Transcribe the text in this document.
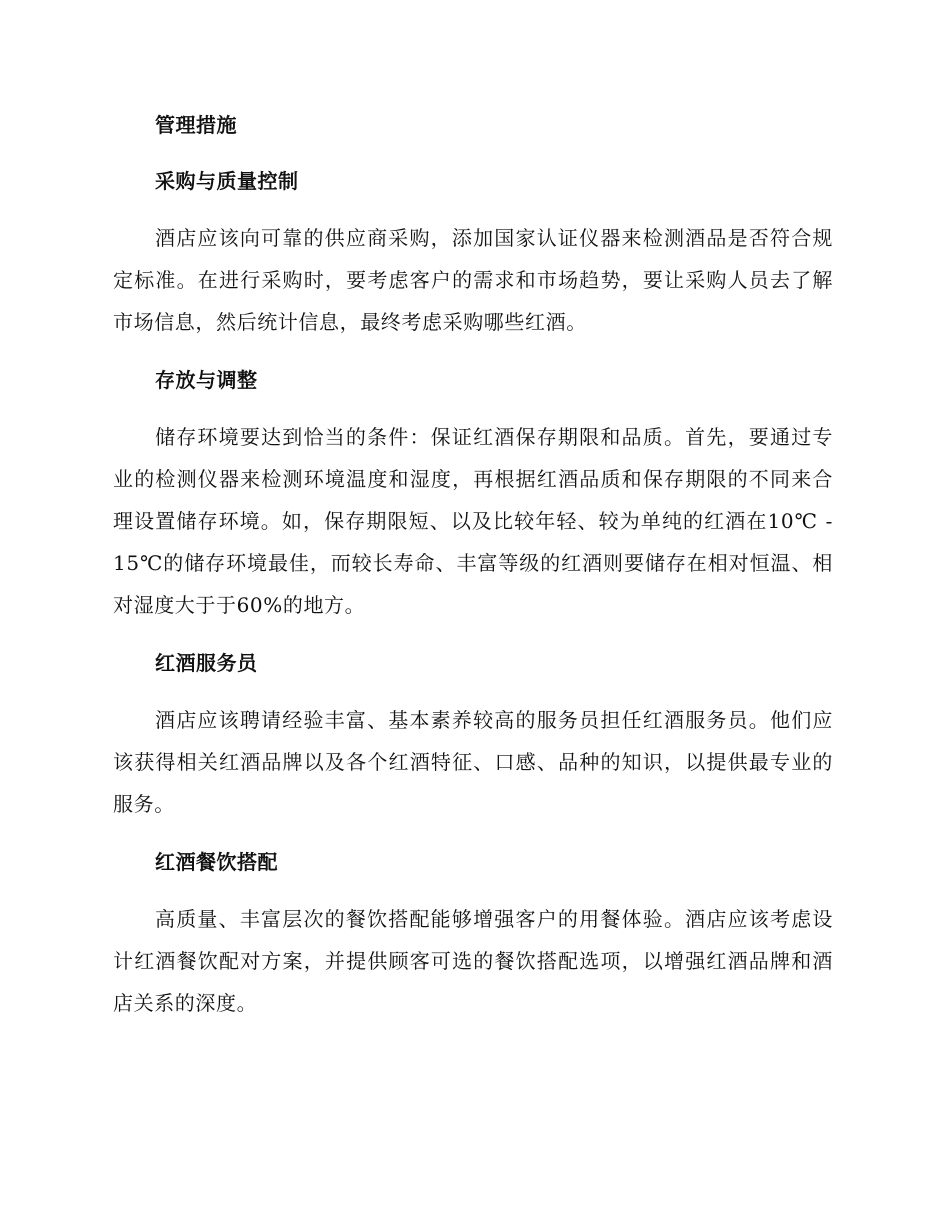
管理措施
采购与质量控制

酒店应该向可靠的供应商采购，添加国家认证仪器来检测酒品是否符合规定标准。在进行采购时，要考虑客户的需求和市场趋势，要让采购人员去了解市场信息，然后统计信息，最终考虑采购哪些红酒。

存放与调整

储存环境要达到恰当的条件：保证红酒保存期限和品质。首先，要通过专业的检测仪器来检测环境温度和湿度，再根据红酒品质和保存期限的不同来合理设置储存环境。如，保存期限短、以及比较年轻、较为单纯的红酒在10℃ - 15℃的储存环境最佳，而较长寿命、丰富等级的红酒则要储存在相对恒温、相对湿度大于于60%的地方。

红酒服务员

酒店应该聘请经验丰富、基本素养较高的服务员担任红酒服务员。他们应该获得相关红酒品牌以及各个红酒特征、口感、品种的知识，以提供最专业的服务。

红酒餐饮搭配

高质量、丰富层次的餐饮搭配能够增强客户的用餐体验。酒店应该考虑设计红酒餐饮配对方案，并提供顾客可选的餐饮搭配选项，以增强红酒品牌和酒店关系的深度。
